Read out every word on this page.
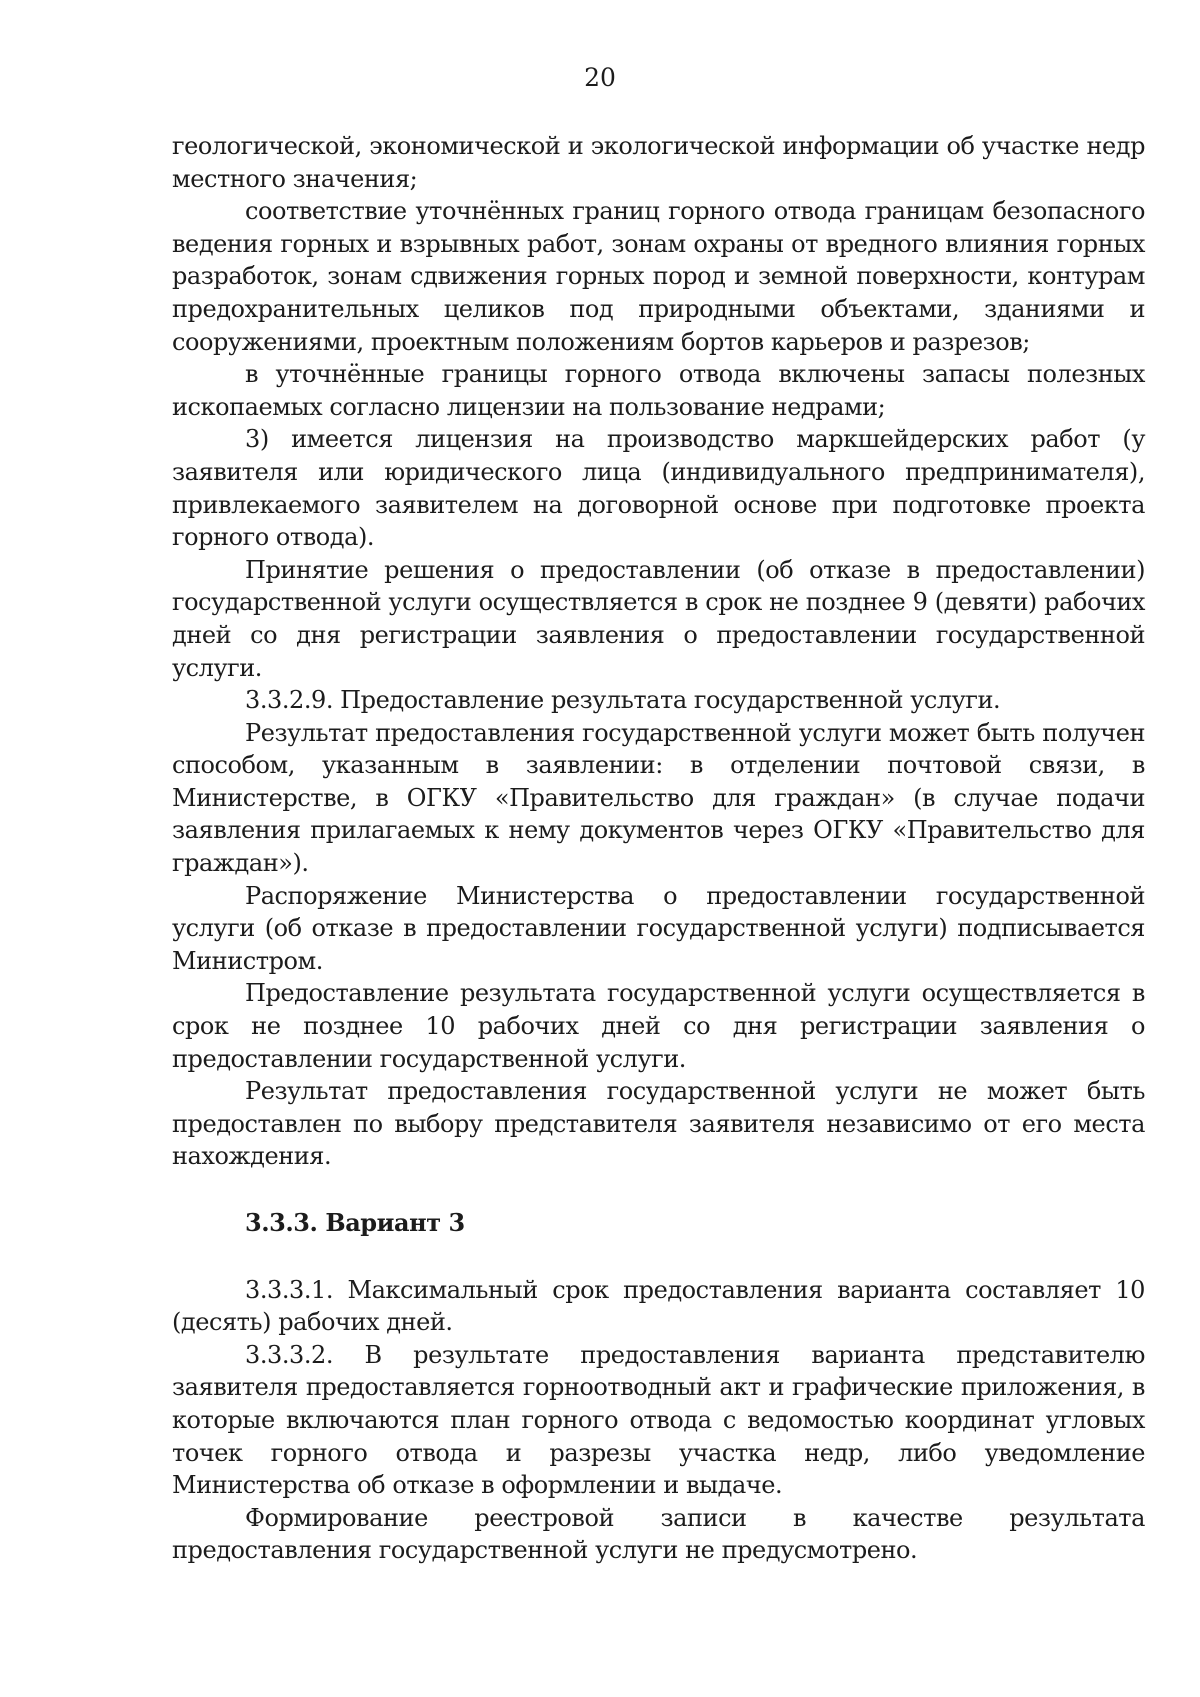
20

геологической, экономической и экологической информации об участке недр местного значения;

соответствие уточнённых границ горного отвода границам безопасного ведения горных и взрывных работ, зонам охраны от вредного влияния горных разработок, зонам сдвижения горных пород и земной поверхности, контурам предохранительных целиков под природными объектами, зданиями и сооружениями, проектным положениям бортов карьеров и разрезов;

в уточнённые границы горного отвода включены запасы полезных ископаемых согласно лицензии на пользование недрами;

3) имеется лицензия на производство маркшейдерских работ (у заявителя или юридического лица (индивидуального предпринимателя), привлекаемого заявителем на договорной основе при подготовке проекта горного отвода).

Принятие решения о предоставлении (об отказе в предоставлении) государственной услуги осуществляется в срок не позднее 9 (девяти) рабочих дней со дня регистрации заявления о предоставлении государственной услуги.

3.3.2.9. Предоставление результата государственной услуги.

Результат предоставления государственной услуги может быть получен способом, указанным в заявлении: в отделении почтовой связи, в Министерстве, в ОГКУ «Правительство для граждан» (в случае подачи заявления прилагаемых к нему документов через ОГКУ «Правительство для граждан»).

Распоряжение Министерства о предоставлении государственной услуги (об отказе в предоставлении государственной услуги) подписывается Министром.

Предоставление результата государственной услуги осуществляется в срок не позднее 10 рабочих дней со дня регистрации заявления о предоставлении государственной услуги.

Результат предоставления государственной услуги не может быть предоставлен по выбору представителя заявителя независимо от его места нахождения.

3.3.3. Вариант 3

3.3.3.1. Максимальный срок предоставления варианта составляет 10 (десять) рабочих дней.

3.3.3.2. В результате предоставления варианта представителю заявителя предоставляется горноотводный акт и графические приложения, в которые включаются план горного отвода с ведомостью координат угловых точек горного отвода и разрезы участка недр, либо уведомление Министерства об отказе в оформлении и выдаче.

Формирование реестровой записи в качестве результата предоставления государственной услуги не предусмотрено.
